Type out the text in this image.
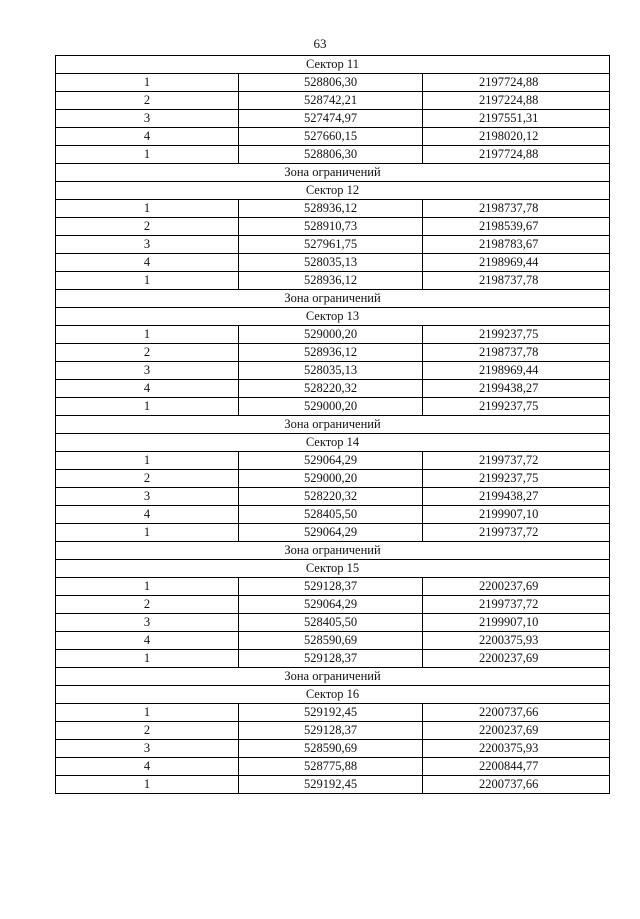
63
Сектор 11		
1	528806,30	2197724,88
2	528742,21	2197224,88
3	527474,97	2197551,31
4	527660,15	2198020,12
1	528806,30	2197724,88
Зона ограничений		
Сектор 12		
1	528936,12	2198737,78
2	528910,73	2198539,67
3	527961,75	2198783,67
4	528035,13	2198969,44
1	528936,12	2198737,78
Зона ограничений		
Сектор 13		
1	529000,20	2199237,75
2	528936,12	2198737,78
3	528035,13	2198969,44
4	528220,32	2199438,27
1	529000,20	2199237,75
Зона ограничений		
Сектор 14		
1	529064,29	2199737,72
2	529000,20	2199237,75
3	528220,32	2199438,27
4	528405,50	2199907,10
1	529064,29	2199737,72
Зона ограничений		
Сектор 15		
1	529128,37	2200237,69
2	529064,29	2199737,72
3	528405,50	2199907,10
4	528590,69	2200375,93
1	529128,37	2200237,69
Зона ограничений		
Сектор 16		
1	529192,45	2200737,66
2	529128,37	2200237,69
3	528590,69	2200375,93
4	528775,88	2200844,77
1	529192,45	2200737,66
